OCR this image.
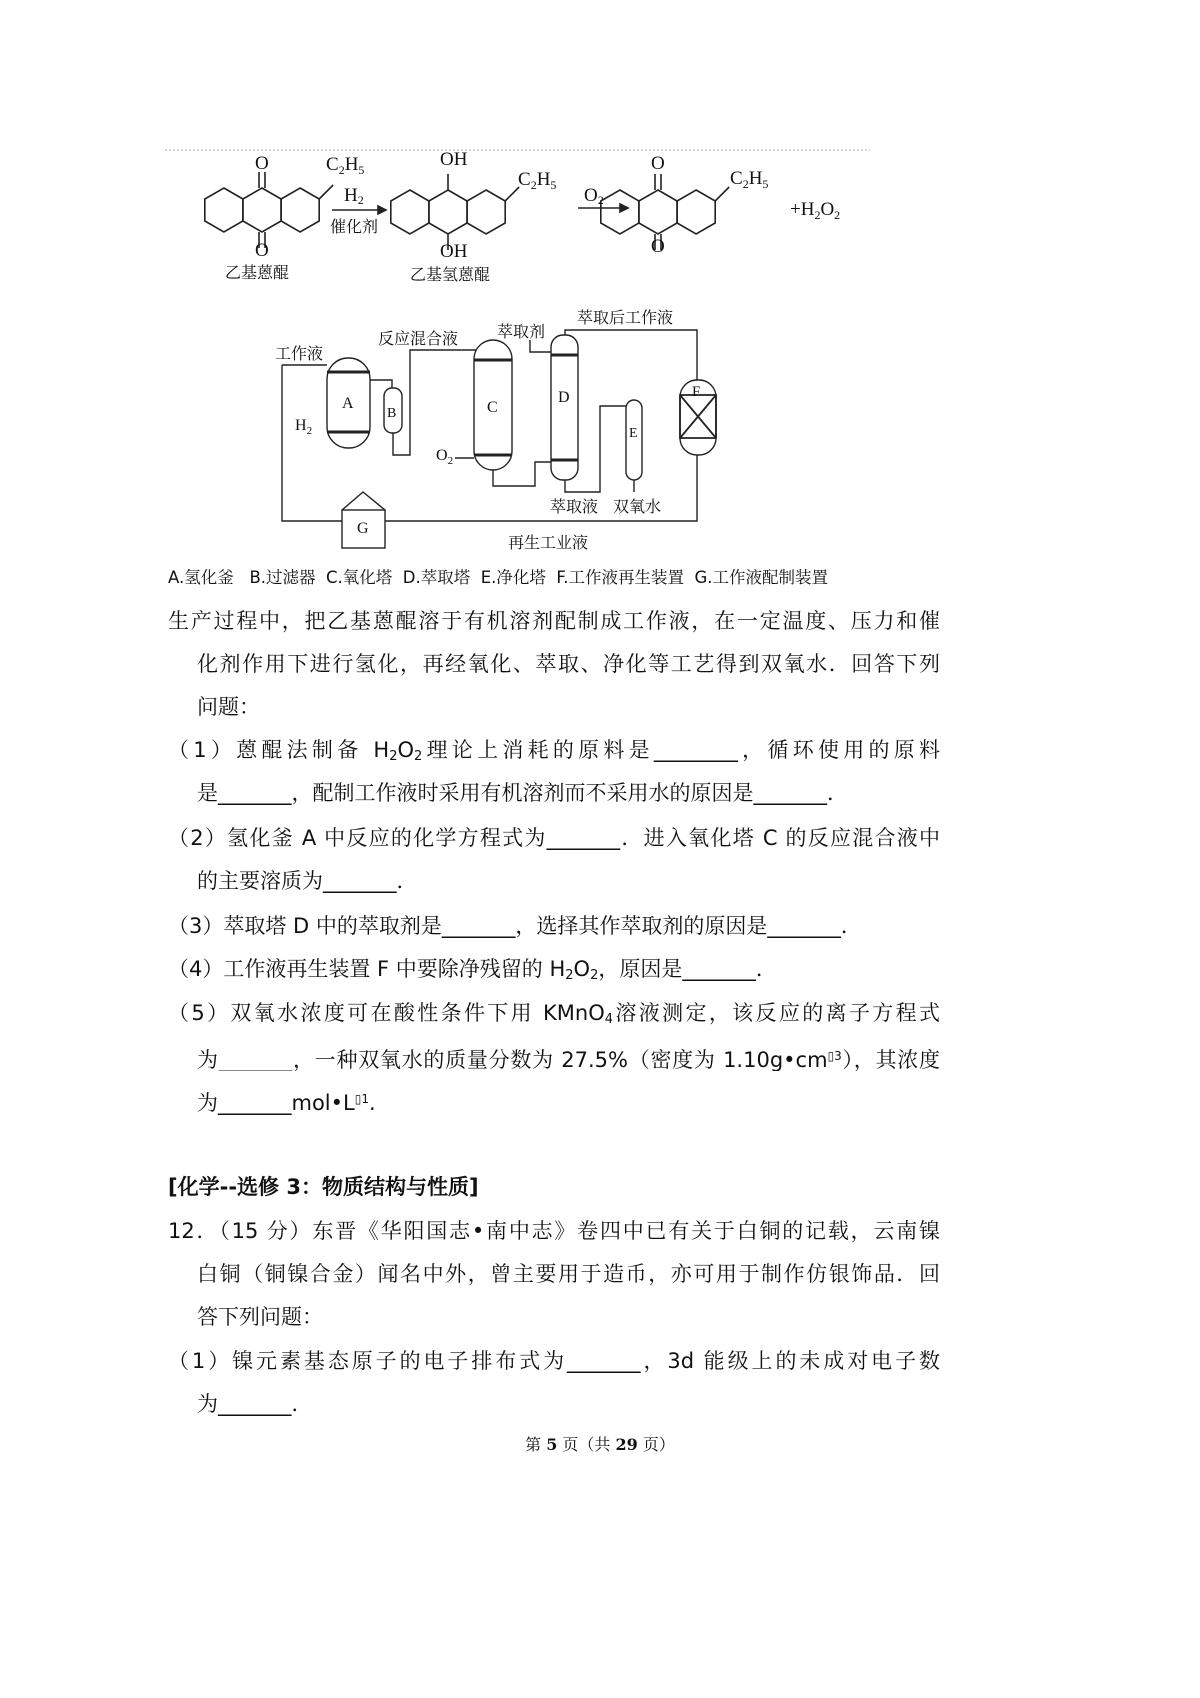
O
O
$C_2H_5$
H2
催化剂
乙基蒽醌
OH
OH
$C_2H_5$
乙基氢蒽醌
O2
O
O
$C_2H_5$
$+H_2O_2$
工作液
反应混合液 萃取剂
萃取后工作液
萃取液 双氧水
再生工业液
$H_2$
$O_2$
A
B	C
D
E
F
G
A.氢化釜   B.过滤器  C.氧化塔  D.萃取塔  E.净化塔  F.工作液再生装置  G.工作液配制装置
生产过程中，把乙基蒽醌溶于有机溶剂配制成工作液，在一定温度、压力和催
化剂作用下进行氢化，再经氧化、萃取、净化等工艺得到双氧水．回答下列
问题：
（1）蒽醌法制备 $H_2O_2$理论上消耗的原料是________，循环使用的原料
是_______，配制工作液时采用有机溶剂而不采用水的原因是_______．
（2）氢化釜 A 中反应的化学方程式为_______．进入氧化塔 C 的反应混合液中
的主要溶质为_______．
（3）萃取塔 D 中的萃取剂是_______，选择其作萃取剂的原因是_______．
（4）工作液再生装置 F 中要除净残留的 $H_2O_2$，原因是_______．
（5）双氧水浓度可在酸性条件下用 KMnO$_4$溶液测定，该反应的离子方程式
为_______，一种双氧水的质量分数为 27.5%（密度为 $1.10g•cm^{▯3}$），其浓度
为$\_\_\_\_\_\_\_mol•L^{▯1}$.
[化学--选修 3：物质结构与性质]
12．（15 分）东晋《华阳国志•南中志》卷四中已有关于白铜的记载，云南镍
白铜（铜镍合金）闻名中外，曾主要用于造币，亦可用于制作仿银饰品．回
答下列问题：
（1）镍元素基态原子的电子排布式为_______，3d 能级上的未成对电子数
为_______．
第 5 页（共 29 页）
